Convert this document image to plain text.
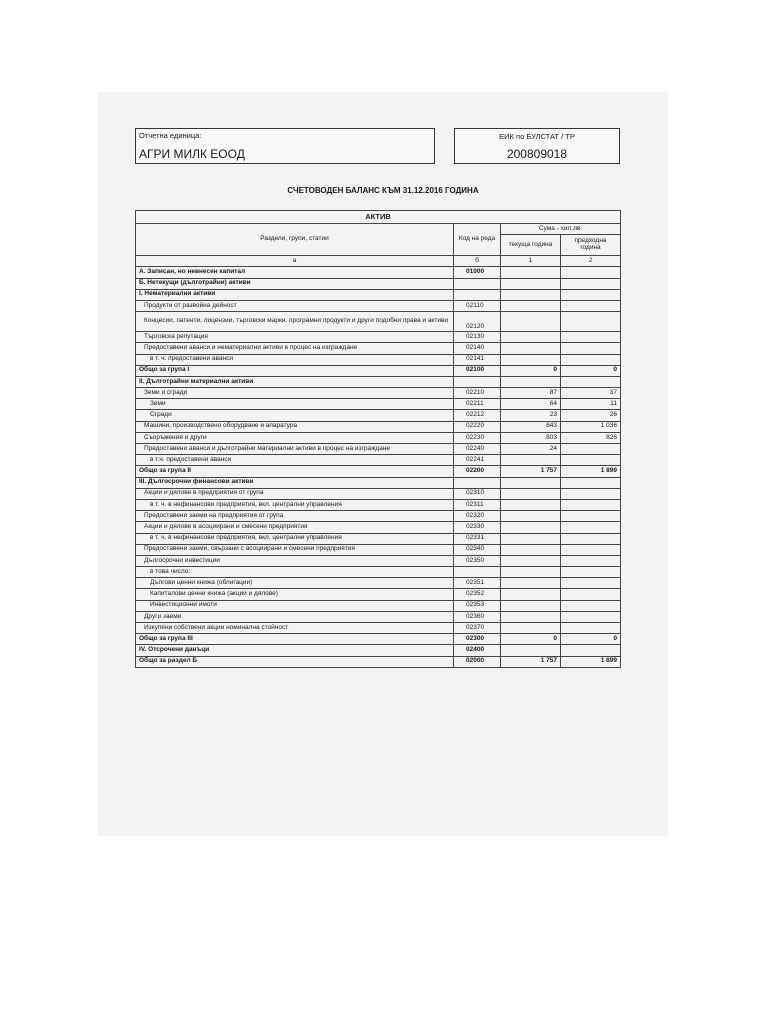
Отчетна единица:
АГРИ МИЛК ЕООД
ЕИК по БУЛСТАТ / ТР
200809018
СЧЕТОВОДЕН БАЛАНС КЪМ 31.12.2016 ГОДИНА
АКТИВ			
Раздели, групи, статии	Код на реда	Сума - хил.лв.	
		текуща година	предходна година
а	б	1	2
А. Записан, но невнесен капитал	01000		
Б. Нетекущи (дълготрайни) активи			
I. Нематериални активи			
Продукти от развойна дейност	02110		
Концесии, патенти, лицензии, търговски марки, програмни продукти и други подобни права и активи	02120		
Търговска репутация	02130		
Предоставени аванси и нематериални активи в процес на изграждане	02140		
в т. ч. предоставени аванси	02141		
Общо за група I	02100	0	0
II. Дълготрайни материални активи			
Земи и сгради	02210	87	37
Земи	02211	64	11
Сгради	02212	23	26
Машини, производствено оборудване и апаратура	02220	843	1 036
Съоръжения и други	02230	803	826
Предоставени аванси и дълготрайни материални активи в процес на изграждане	02240	24	
в т.ч. предоставени аванси	02241		
Общо за група II	02200	1 757	1 899
III. Дългосрочни финансови активи			
Акции и дялове в предприятия от група	02310		
в т. ч. в нефинансови предприятия, вкл. централни управления	02311		
Предоставени заеми на предприятия от група	02320		
Акции и дялове в асоциирани и смесени предприятия	02330		
в т. ч. в нефинансови предприятия, вкл. централни управления	02331		
Предоставени заеми, свързани с асоциирани и смесени предприятия	02340		
Дългосрочни инвестиции	02350		
в това число:			
Дългови ценни книжа (облигации)	02351		
Капиталови ценни книжа (акции и дялове)	02352		
Инвестиционни имоти	02353		
Други заеми	02360		
Изкупени собствени акции номинална стойност	02370		
Общо за група III	02300	0	0
IV. Отсрочени данъци	02400		
Общо за раздел Б	02000	1 757	1 899
